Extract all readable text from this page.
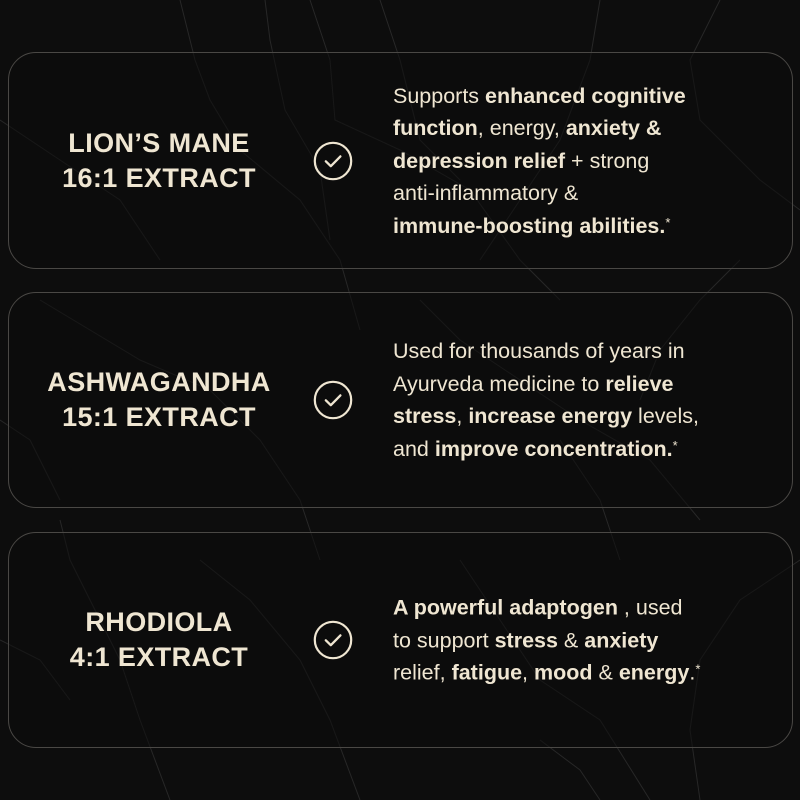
LION’S MANE
16:1 EXTRACT
Supports enhanced cognitive
function, energy, anxiety &
depression relief + strong
anti-inflammatory &
immune-boosting abilities.*
ASHWAGANDHA
15:1 EXTRACT
Used for thousands of years in
Ayurveda medicine to relieve
stress, increase energy levels,
and improve concentration.*
RHODIOLA
4:1 EXTRACT
A powerful adaptogen , used
to support stress & anxiety
relief, fatigue, mood & energy.*
